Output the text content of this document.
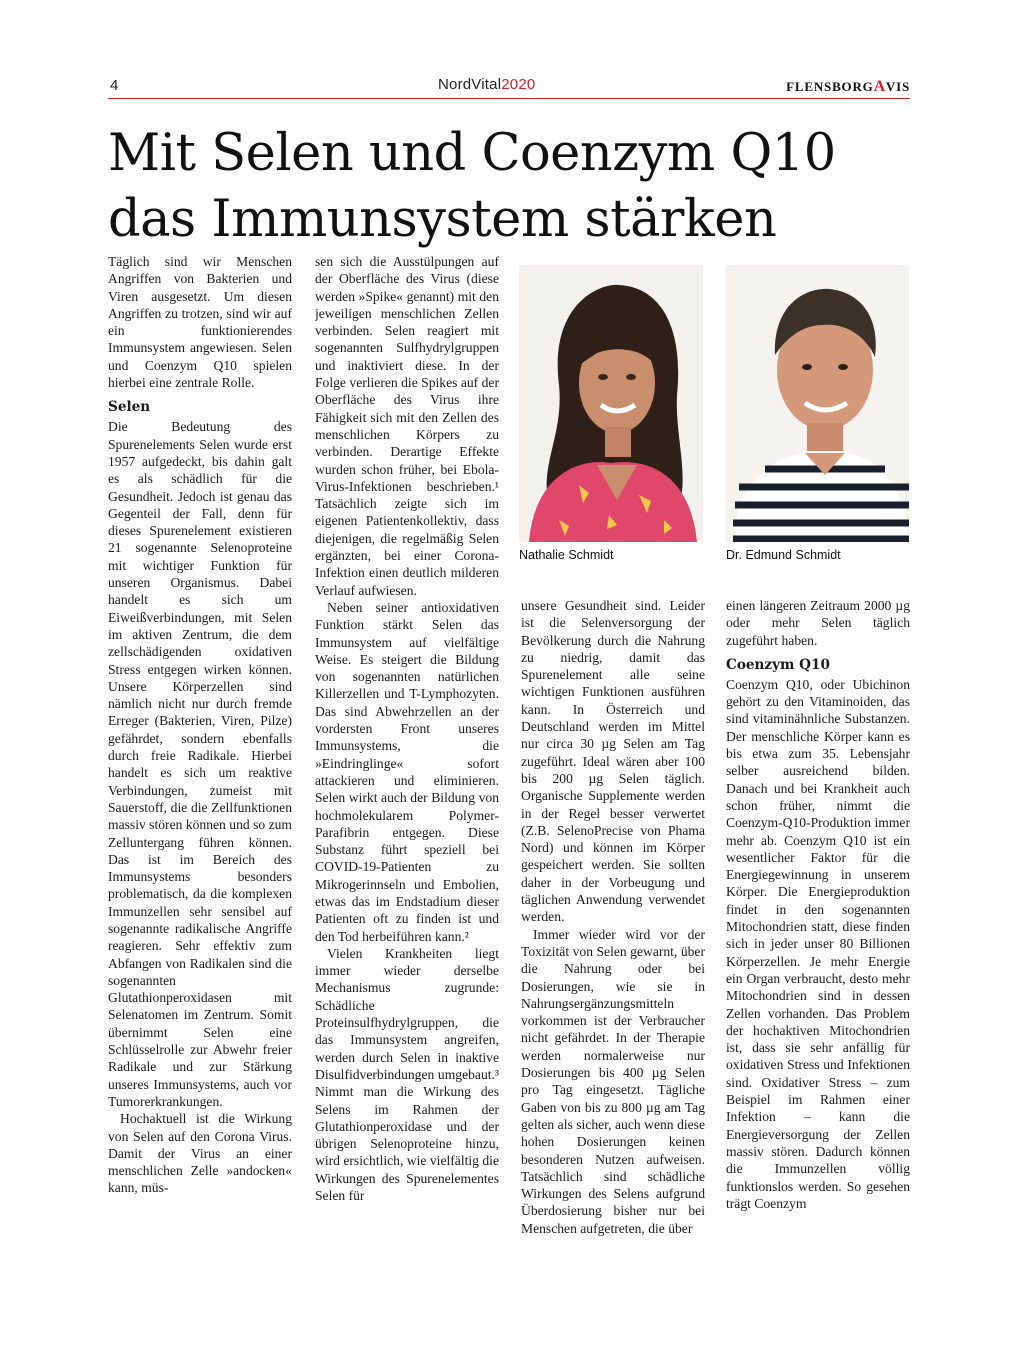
4	NordVital2020	FLENSBORGAVIS
Mit Selen und Coenzym Q10 das Immunsystem stärken

Täglich sind wir Menschen Angriffen von Bakterien und Viren ausgesetzt. Um diesen Angriffen zu trotzen, sind wir auf ein funktionierendes Immunsystem angewiesen. Selen und Coenzym Q10 spielen hierbei eine zentrale Rolle.

Selen

Die Bedeutung des Spurenelements Selen wurde erst 1957 aufgedeckt, bis dahin galt es als schädlich für die Gesundheit. Jedoch ist genau das Gegenteil der Fall, denn für dieses Spurenelement existieren 21 sogenannte Selenoproteine mit wichtiger Funktion für unseren Organismus. Dabei handelt es sich um Eiweißverbindungen, mit Selen im aktiven Zentrum, die dem zellschädigenden oxidativen Stress entgegen wirken können. Unsere Körperzellen sind nämlich nicht nur durch fremde Erreger (Bakterien, Viren, Pilze) gefährdet, sondern ebenfalls durch freie Radikale. Hierbei handelt es sich um reaktive Verbindungen, zumeist mit Sauerstoff, die die Zellfunktionen massiv stören können und so zum Zelluntergang führen können. Das ist im Bereich des Immunsystems besonders problematisch, da die komplexen Immunzellen sehr sensibel auf sogenannte radikalische Angriffe reagieren. Sehr effektiv zum Abfangen von Radikalen sind die sogenannten Glutathionperoxidasen mit Selenatomen im Zentrum. Somit übernimmt Selen eine Schlüsselrolle zur Abwehr freier Radikale und zur Stärkung unseres Immunsystems, auch vor Tumorerkrankungen.

Hochaktuell ist die Wirkung von Selen auf den Corona Virus. Damit der Virus an einer menschlichen Zelle »andocken« kann, müs-

sen sich die Ausstülpungen auf der Oberfläche des Virus (diese werden »Spike« genannt) mit den jeweiligen menschlichen Zellen verbinden. Selen reagiert mit sogenannten Sulfhydrylgruppen und inaktiviert diese. In der Folge verlieren die Spikes auf der Oberfläche des Virus ihre Fähigkeit sich mit den Zellen des menschlichen Körpers zu verbinden. Derartige Effekte wurden schon früher, bei Ebola-Virus-Infektionen beschrieben.¹ Tatsächlich zeigte sich im eigenen Patientenkollektiv, dass diejenigen, die regelmäßig Selen ergänzten, bei einer Corona-Infektion einen deutlich milderen Verlauf aufwiesen.

Neben seiner antioxidativen Funktion stärkt Selen das Immunsystem auf vielfältige Weise. Es steigert die Bildung von sogenannten natürlichen Killerzellen und T-Lymphozyten. Das sind Abwehrzellen an der vordersten Front unseres Immunsystems, die »Eindringlinge« sofort attackieren und eliminieren. Selen wirkt auch der Bildung von hochmolekularem Polymer-Parafibrin entgegen. Diese Substanz führt speziell bei COVID-19-Patienten zu Mikrogerinnseln und Embolien, etwas das im Endstadium dieser Patienten oft zu finden ist und den Tod herbeiführen kann.²

Vielen Krankheiten liegt immer wieder derselbe Mechanismus zugrunde: Schädliche Proteinsulfhydrylgruppen, die das Immunsystem angreifen, werden durch Selen in inaktive Disulfidverbindungen umgebaut.³ Nimmt man die Wirkung des Selens im Rahmen der Glutathionperoxidase und der übrigen Selenoproteine hinzu, wird ersichtlich, wie vielfältig die Wirkungen des Spurenelementes Selen für

Nathalie Schmidt	Dr. Edmund Schmidt

unsere Gesundheit sind. Leider ist die Selenversorgung der Bevölkerung durch die Nahrung zu niedrig, damit das Spurenelement alle seine wichtigen Funktionen ausführen kann. In Österreich und Deutschland werden im Mittel nur circa 30 µg Selen am Tag zugeführt. Ideal wären aber 100 bis 200 µg Selen täglich. Organische Supplemente werden in der Regel besser verwertet (Z.B. SelenoPrecise von Phama Nord) und können im Körper gespeichert werden. Sie sollten daher in der Vorbeugung und täglichen Anwendung verwendet werden.

Immer wieder wird vor der Toxizität von Selen gewarnt, über die Nahrung oder bei Dosierungen, wie sie in Nahrungsergänzungsmitteln vorkommen ist der Verbraucher nicht gefährdet. In der Therapie werden normalerweise nur Dosierungen bis 400 µg Selen pro Tag eingesetzt. Tägliche Gaben von bis zu 800 µg am Tag gelten als sicher, auch wenn diese hohen Dosierungen keinen besonderen Nutzen aufweisen. Tatsächlich sind schädliche Wirkungen des Selens aufgrund Überdosierung bisher nur bei Menschen aufgetreten, die über

einen längeren Zeitraum 2000 µg oder mehr Selen täglich zugeführt haben.

Coenzym Q10

Coenzym Q10, oder Ubichinon gehört zu den Vitaminoiden, das sind vitaminähnliche Substanzen. Der menschliche Körper kann es bis etwa zum 35. Lebensjahr selber ausreichend bilden. Danach und bei Krankheit auch schon früher, nimmt die Coenzym-Q10-Produktion immer mehr ab. Coenzym Q10 ist ein wesentlicher Faktor für die Energiegewinnung in unserem Körper. Die Energieproduktion findet in den sogenannten Mitochondrien statt, diese finden sich in jeder unser 80 Billionen Körperzellen. Je mehr Energie ein Organ verbraucht, desto mehr Mitochondrien sind in dessen Zellen vorhanden. Das Problem der hochaktiven Mitochondrien ist, dass sie sehr anfällig für oxidativen Stress und Infektionen sind. Oxidativer Stress – zum Beispiel im Rahmen einer Infektion – kann die Energieversorgung der Zellen massiv stören. Dadurch können die Immunzellen völlig funktionslos werden. So gesehen trägt Coenzym
